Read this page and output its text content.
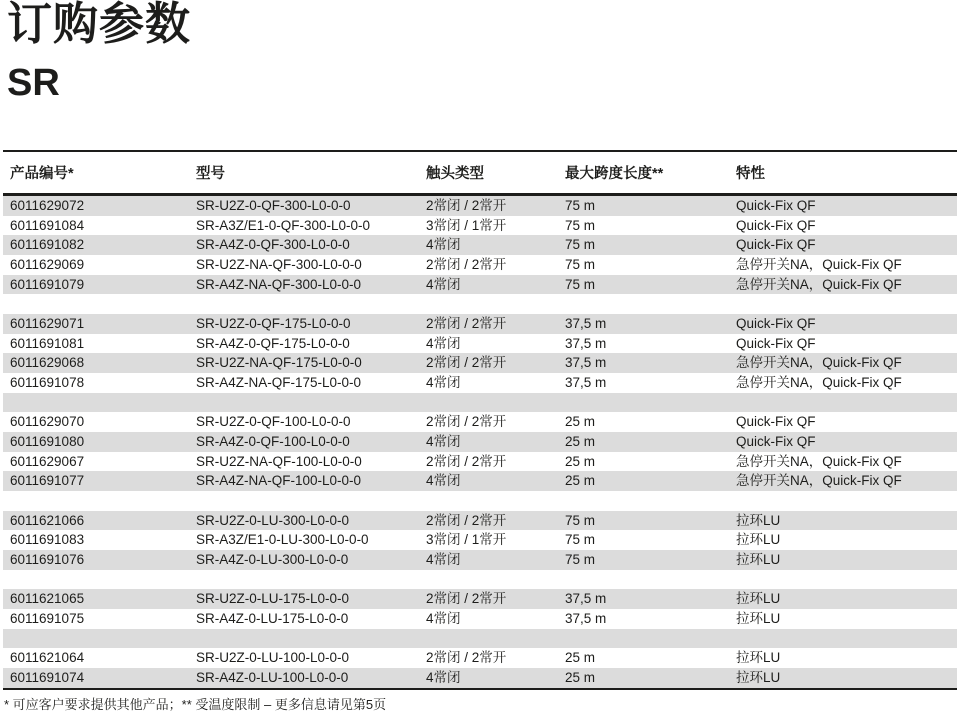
订购参数
SR
产品编号*	型号	触头类型	最大跨度长度**	特性
6011629072	SR-U2Z-0-QF-300-L0-0-0	2常闭 / 2常开	75 m	Quick-Fix QF
6011691084	SR-A3Z/E1-0-QF-300-L0-0-0	3常闭 / 1常开	75 m	Quick-Fix QF
6011691082	SR-A4Z-0-QF-300-L0-0-0	4常闭	75 m	Quick-Fix QF
6011629069	SR-U2Z-NA-QF-300-L0-0-0	2常闭 / 2常开	75 m	急停开关NA，Quick-Fix QF
6011691079	SR-A4Z-NA-QF-300-L0-0-0	4常闭	75 m	急停开关NA，Quick-Fix QF
6011629071	SR-U2Z-0-QF-175-L0-0-0	2常闭 / 2常开	37,5 m	Quick-Fix QF
6011691081	SR-A4Z-0-QF-175-L0-0-0	4常闭	37,5 m	Quick-Fix QF
6011629068	SR-U2Z-NA-QF-175-L0-0-0	2常闭 / 2常开	37,5 m	急停开关NA，Quick-Fix QF
6011691078	SR-A4Z-NA-QF-175-L0-0-0	4常闭	37,5 m	急停开关NA，Quick-Fix QF
6011629070	SR-U2Z-0-QF-100-L0-0-0	2常闭 / 2常开	25 m	Quick-Fix QF
6011691080	SR-A4Z-0-QF-100-L0-0-0	4常闭	25 m	Quick-Fix QF
6011629067	SR-U2Z-NA-QF-100-L0-0-0	2常闭 / 2常开	25 m	急停开关NA，Quick-Fix QF
6011691077	SR-A4Z-NA-QF-100-L0-0-0	4常闭	25 m	急停开关NA，Quick-Fix QF
6011621066	SR-U2Z-0-LU-300-L0-0-0	2常闭 / 2常开	75 m	拉环LU
6011691083	SR-A3Z/E1-0-LU-300-L0-0-0	3常闭 / 1常开	75 m	拉环LU
6011691076	SR-A4Z-0-LU-300-L0-0-0	4常闭	75 m	拉环LU
6011621065	SR-U2Z-0-LU-175-L0-0-0	2常闭 / 2常开	37,5 m	拉环LU
6011691075	SR-A4Z-0-LU-175-L0-0-0	4常闭	37,5 m	拉环LU
6011621064	SR-U2Z-0-LU-100-L0-0-0	2常闭 / 2常开	25 m	拉环LU
6011691074	SR-A4Z-0-LU-100-L0-0-0	4常闭	25 m	拉环LU

* 可应客户要求提供其他产品；** 受温度限制 – 更多信息请见第5页
